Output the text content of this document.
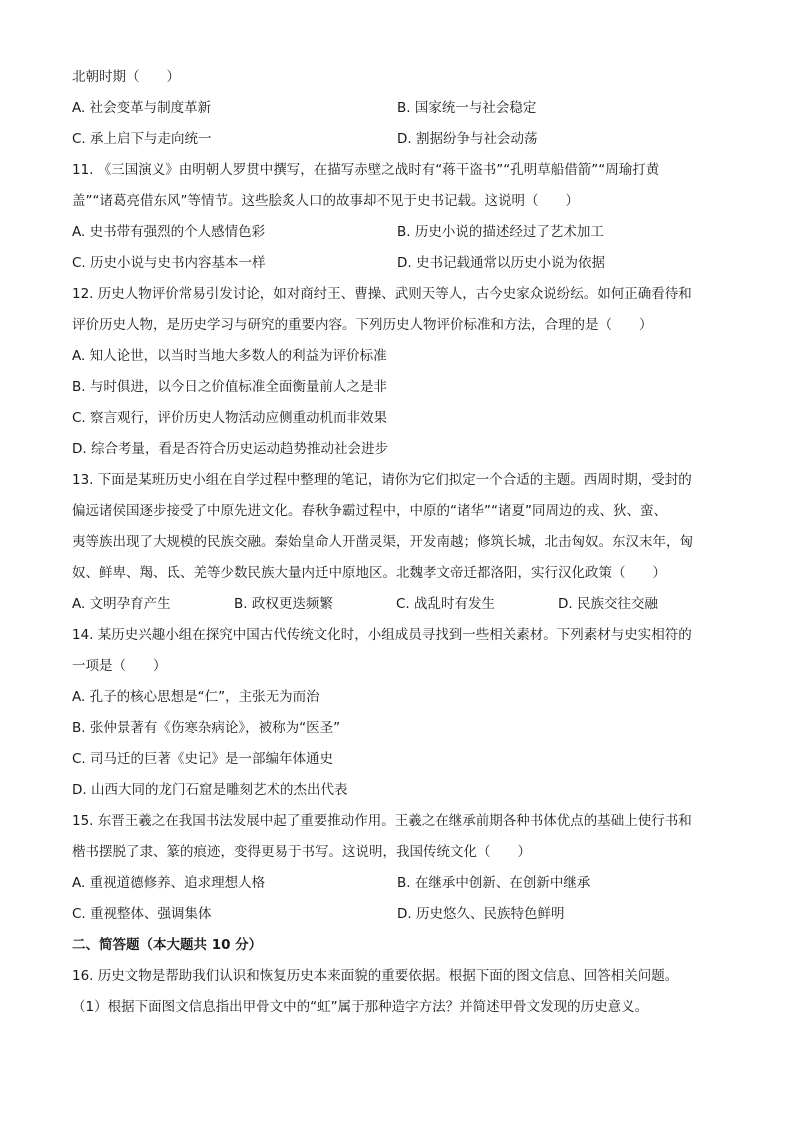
北朝时期（　　）
A. 社会变革与制度革新	B. 国家统一与社会稳定
C. 承上启下与走向统一	D. 割据纷争与社会动荡
11. 《三国演义》由明朝人罗贯中撰写，在描写赤壁之战时有“蒋干盗书”“孔明草船借箭”“周瑜打黄
盖”“诸葛亮借东风”等情节。这些脍炙人口的故事却不见于史书记载。这说明（　　）
A. 史书带有强烈的个人感情色彩	B. 历史小说的描述经过了艺术加工
C. 历史小说与史书内容基本一样	D. 史书记载通常以历史小说为依据
12. 历史人物评价常易引发讨论，如对商纣王、曹操、武则天等人，古今史家众说纷纭。如何正确看待和
评价历史人物，是历史学习与研究的重要内容。下列历史人物评价标准和方法，合理的是（　　）
A. 知人论世，以当时当地大多数人的利益为评价标准
B. 与时俱进，以今日之价值标准全面衡量前人之是非
C. 察言观行，评价历史人物活动应侧重动机而非效果
D. 综合考量，看是否符合历史运动趋势推动社会进步
13. 下面是某班历史小组在自学过程中整理的笔记，请你为它们拟定一个合适的主题。西周时期，受封的
偏远诸侯国逐步接受了中原先进文化。春秋争霸过程中，中原的“诸华”“诸夏”同周边的戎、狄、蛮、
夷等族出现了大规模的民族交融。秦始皇命人开凿灵渠，开发南越；修筑长城，北击匈奴。东汉末年，匈
奴、鲜卑、羯、氐、羌等少数民族大量内迁中原地区。北魏孝文帝迁都洛阳，实行汉化政策（　　）
A. 文明孕育产生	B. 政权更迭频繁	C. 战乱时有发生	D. 民族交往交融
14. 某历史兴趣小组在探究中国古代传统文化时，小组成员寻找到一些相关素材。下列素材与史实相符的
一项是（　　）
A. 孔子的核心思想是“仁”，主张无为而治
B. 张仲景著有《伤寒杂病论》，被称为“医圣”
C. 司马迁的巨著《史记》是一部编年体通史
D. 山西大同的龙门石窟是雕刻艺术的杰出代表
15. 东晋王羲之在我国书法发展中起了重要推动作用。王羲之在继承前期各种书体优点的基础上使行书和
楷书摆脱了隶、篆的痕迹，变得更易于书写。这说明，我国传统文化（　　）
A. 重视道德修养、追求理想人格	B. 在继承中创新、在创新中继承
C. 重视整体、强调集体	D. 历史悠久、民族特色鲜明
二、简答题（本大题共 10 分）
16. 历史文物是帮助我们认识和恢复历史本来面貌的重要依据。根据下面的图文信息、回答相关问题。
（1）根据下面图文信息指出甲骨文中的“虹”属于那种造字方法？并简述甲骨文发现的历史意义。
